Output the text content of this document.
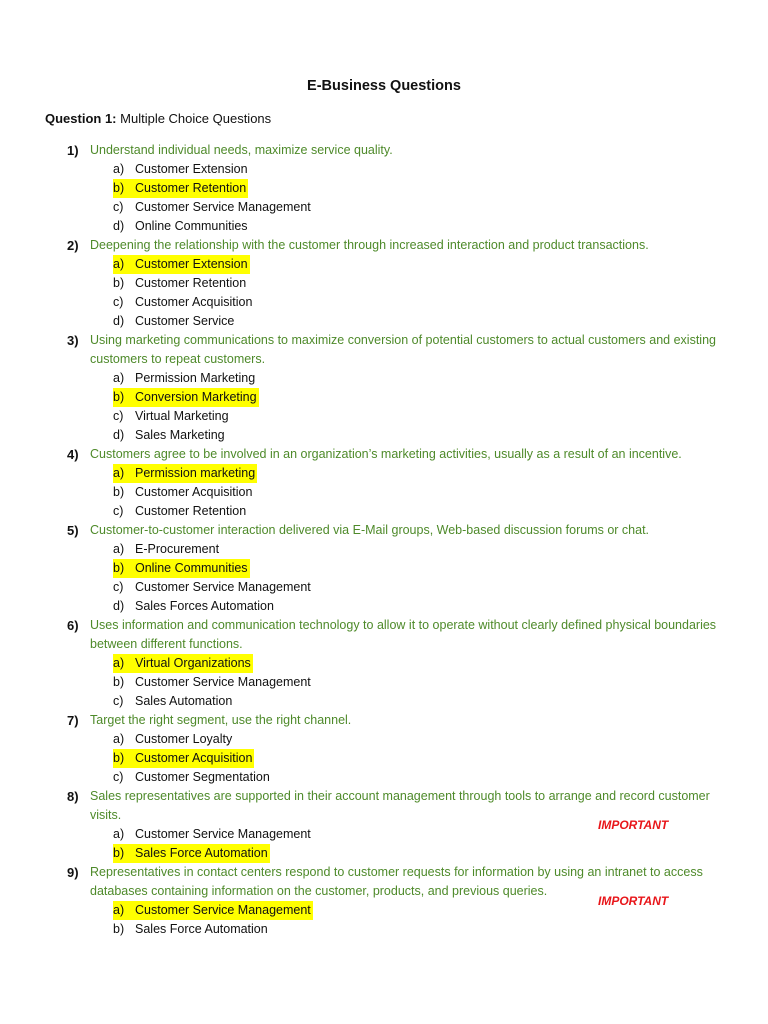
E-Business Questions
Question 1: Multiple Choice Questions
1) Understand individual needs, maximize service quality.
a) Customer Extension
b) Customer Retention
c) Customer Service Management
d) Online Communities
2) Deepening the relationship with the customer through increased interaction and product transactions.
a) Customer Extension
b) Customer Retention
c) Customer Acquisition
d) Customer Service
3) Using marketing communications to maximize conversion of potential customers to actual customers and existing customers to repeat customers.
a) Permission Marketing
b) Conversion Marketing
c) Virtual Marketing
d) Sales Marketing
4) Customers agree to be involved in an organization’s marketing activities, usually as a result of an incentive.
a) Permission marketing
b) Customer Acquisition
c) Customer Retention
5) Customer-to-customer interaction delivered via E-Mail groups, Web-based discussion forums or chat.
a) E-Procurement
b) Online Communities
c) Customer Service Management
d) Sales Forces Automation
6) Uses information and communication technology to allow it to operate without clearly defined physical boundaries between different functions.
a) Virtual Organizations
b) Customer Service Management
c) Sales Automation
7) Target the right segment, use the right channel.
a) Customer Loyalty
b) Customer Acquisition
c) Customer Segmentation
8) Sales representatives are supported in their account management through tools to arrange and record customer visits.
a) Customer Service Management
b) Sales Force Automation
IMPORTANT
9) Representatives in contact centers respond to customer requests for information by using an intranet to access databases containing information on the customer, products, and previous queries.
a) Customer Service Management
b) Sales Force Automation
IMPORTANT
